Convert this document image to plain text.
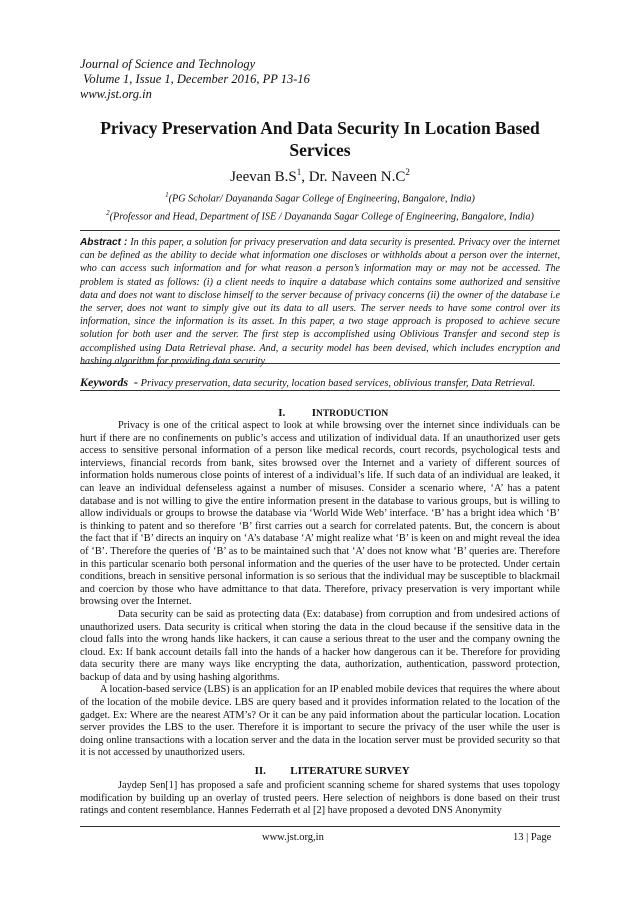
Journal of Science and Technology
Volume 1, Issue 1, December 2016, PP 13-16
www.jst.org.in
Privacy Preservation And Data Security In Location Based
Services
Jeevan $B.S^1$, Dr. Naveen $N.C^2$
$^1$(PG Scholar/ Dayananda Sagar College of Engineering, Bangalore, India)
$^2$(Professor and Head, Department of ISE / Dayananda Sagar College of Engineering, Bangalore, India)
Abstract : In this paper, a solution for privacy preservation and data security is presented. Privacy over the internet can be defined as the ability to decide what information one discloses or withholds about a person over the internet, who can access such information and for what reason a person’s information may or may not be accessed. The problem is stated as follows: (i) a client needs to inquire a database which contains some authorized and sensitive data and does not want to disclose himself to the server because of privacy concerns (ii) the owner of the database i.e the server, does not want to simply give out its data to all users. The server needs to have some control over its information, since the information is its asset. In this paper, a two stage approach is proposed to achieve secure solution for both user and the server. The first step is accomplished using Oblivious Transfer and second step is accomplished using Data Retrieval phase. And, a security model has been devised, which includes encryption and hashing algorithm for providing data security.
Keywords  - Privacy preservation, data security, location based services, oblivious transfer, Data Retrieval.
I. INTRODUCTION

Privacy is one of the critical aspect to look at while browsing over the internet since individuals can be hurt if there are no confinements on public’s access and utilization of individual data. If an unauthorized user gets access to sensitive personal information of a person like medical records, court records, psychological tests and interviews, financial records from bank, sites browsed over the Internet and a variety of different sources of information holds numerous close points of interest of a individual’s life. If such data of an individual are leaked, it can leave an individual defenseless against a number of misuses. Consider a scenario where, ‘A’ has a patent database and is not willing to give the entire information present in the database to various groups, but is willing to allow individuals or groups to browse the database via ‘World Wide Web’ interface. ‘B’ has a bright idea which ‘B’ is thinking to patent and so therefore ‘B’ first carries out a search for correlated patents. But, the concern is about the fact that if ‘B’ directs an inquiry on ‘A’s database ‘A’ might realize what ‘B’ is keen on and might reveal the idea of ‘B’. Therefore the queries of ‘B’ as to be maintained such that ‘A’ does not know what ‘B’ queries are. Therefore in this particular scenario both personal information and the queries of the user have to be protected. Under certain conditions, breach in sensitive personal information is so serious that the individual may be susceptible to blackmail and coercion by those who have admittance to that data. Therefore, privacy preservation is very important while browsing over the Internet.

Data security can be said as protecting data (Ex: database) from corruption and from undesired actions of unauthorized users. Data security is critical when storing the data in the cloud because if the sensitive data in the cloud falls into the wrong hands like hackers, it can cause a serious threat to the user and the company owning the cloud. Ex: If bank account details fall into the hands of a hacker how dangerous can it be. Therefore for providing data security there are many ways like encrypting the data, authorization, authentication, password protection, backup of data and by using hashing algorithms.

A location-based service (LBS) is an application for an IP enabled mobile devices that requires the where about of the location of the mobile device. LBS are query based and it provides information related to the location of the gadget. Ex: Where are the nearest ATM’s? Or it can be any paid information about the particular location. Location server provides the LBS to the user. Therefore it is important to secure the privacy of the user while the user is doing online transactions with a location server and the data in the location server must be provided security so that it is not accessed by unauthorized users.

II. LITERATURE SURVEY

Jaydep Sen[1] has proposed a safe and proficient scanning scheme for shared systems that uses topology modification by building up an overlay of trusted peers. Here selection of neighbors is done based on their trust ratings and content resemblance. Hannes Federrath et al [2] have proposed a devoted DNS Anonymity

www.jst.org,in	13 | Page
